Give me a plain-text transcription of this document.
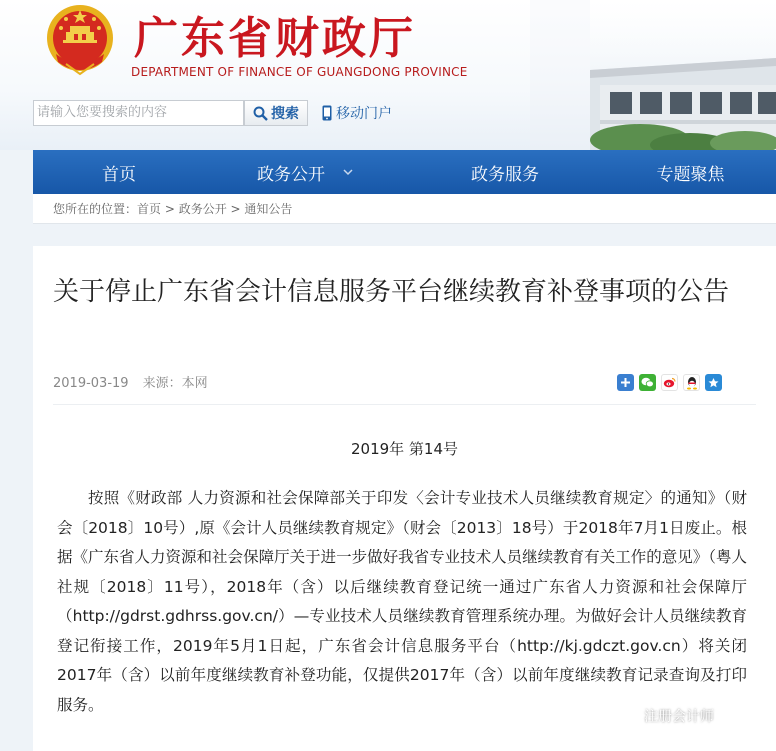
广东省财政厅
DEPARTMENT OF FINANCE OF GUANGDONG PROVINCE
请输入您要搜索的内容	搜索	移动门户
首页	政务公开	政务服务	专题聚焦
您所在的位置：首页 > 政务公开 > 通知公告
关于停止广东省会计信息服务平台继续教育补登事项的公告
2019-03-19 来源：本网
2019年 第14号

按照《财政部 人力资源和社会保障部关于印发〈会计专业技术人员继续教育规定〉的通知》（财会〔2018〕10号）,原《会计人员继续教育规定》（财会〔2013〕18号）于2018年7月1日废止。根据《广东省人力资源和社会保障厅关于进一步做好我省专业技术人员继续教育有关工作的意见》（粤人社规〔2018〕11号），2018年（含）以后继续教育登记统一通过广东省人力资源和社会保障厅（http://gdrst.gdhrss.gov.cn/）—专业技术人员继续教育管理系统办理。为做好会计人员继续教育登记衔接工作，2019年5月1日起，广东省会计信息服务平台（http://kj.gdczt.gov.cn）将关闭2017年（含）以前年度继续教育补登功能，仅提供2017年（含）以前年度继续教育记录查询及打印服务。

注册会计师
